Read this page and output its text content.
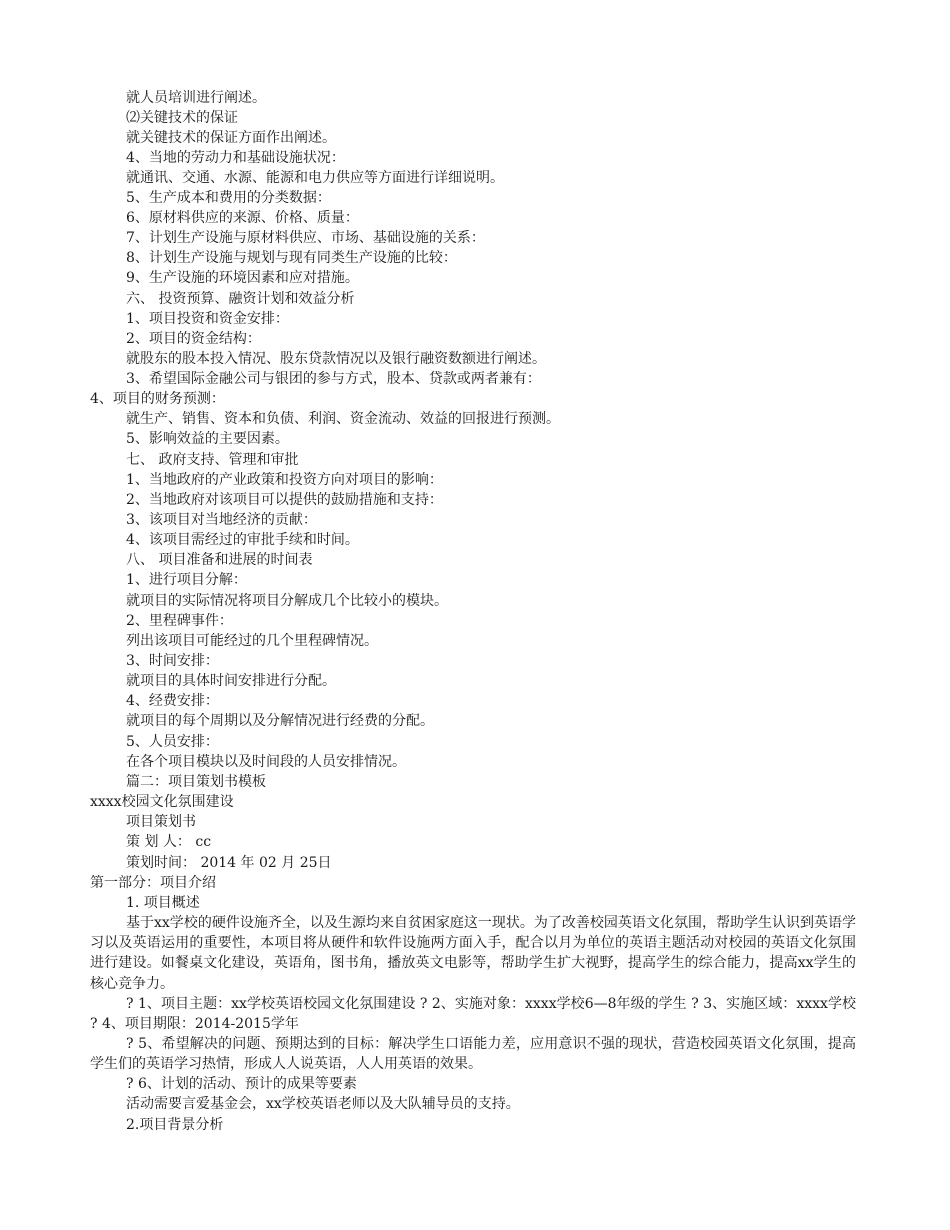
就人员培训进行阐述。
⑵关键技术的保证
就关键技术的保证方面作出阐述。
4、当地的劳动力和基础设施状况：
就通讯、交通、水源、能源和电力供应等方面进行详细说明。
5、生产成本和费用的分类数据：
6、原材料供应的来源、价格、质量：
7、计划生产设施与原材料供应、市场、基础设施的关系：
8、计划生产设施与规划与现有同类生产设施的比较：
9、生产设施的环境因素和应对措施。
六、 投资预算、融资计划和效益分析
1、项目投资和资金安排：
2、项目的资金结构：
就股东的股本投入情况、股东贷款情况以及银行融资数额进行阐述。
3、希望国际金融公司与银团的参与方式，股本、贷款或两者兼有：
4、项目的财务预测：
就生产、销售、资本和负债、利润、资金流动、效益的回报进行预测。
5、影响效益的主要因素。
七、 政府支持、管理和审批
1、当地政府的产业政策和投资方向对项目的影响：
2、当地政府对该项目可以提供的鼓励措施和支持：
3、该项目对当地经济的贡献：
4、该项目需经过的审批手续和时间。
八、 项目准备和进展的时间表
1、进行项目分解：
就项目的实际情况将项目分解成几个比较小的模块。
2、里程碑事件：
列出该项目可能经过的几个里程碑情况。
3、时间安排：
就项目的具体时间安排进行分配。
4、经费安排：
就项目的每个周期以及分解情况进行经费的分配。
5、人员安排：
在各个项目模块以及时间段的人员安排情况。
篇二：项目策划书模板
xxxx校园文化氛围建设
项目策划书
策 划 人： cc
策划时间： 2014 年 02 月 25日
第一部分：项目介绍
1. 项目概述
基于xx学校的硬件设施齐全，以及生源均来自贫困家庭这一现状。为了改善校园英语文化氛围，帮助学生认识到英语学习以及英语运用的重要性，本项目将从硬件和软件设施两方面入手，配合以月为单位的英语主题活动对校园的英语文化氛围进行建设。如餐桌文化建设，英语角，图书角，播放英文电影等，帮助学生扩大视野，提高学生的综合能力，提高xx学生的核心竞争力。
? 1、项目主题：xx学校英语校园文化氛围建设 ? 2、实施对象：xxxx学校6—8年级的学生 ? 3、实施区域：xxxx学校 ? 4、项目期限：2014-2015学年
? 5、希望解决的问题、预期达到的目标：解决学生口语能力差，应用意识不强的现状，营造校园英语文化氛围，提高学生们的英语学习热情，形成人人说英语，人人用英语的效果。
? 6、计划的活动、预计的成果等要素
活动需要言爱基金会，xx学校英语老师以及大队辅导员的支持。
2.项目背景分析
